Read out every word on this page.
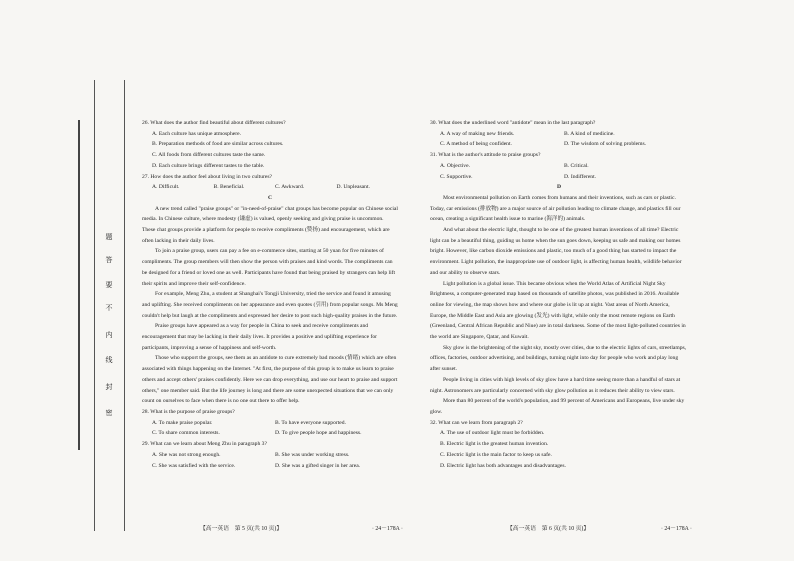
题
答
要
不
内
线
封
密

26. What does the author find beautiful about different cultures?

A. Each culture has unique atmosphere.

B. Preparation methods of food are similar across cultures.

C. All foods from different cultures taste the same.

D. Each culture brings different tastes to the table.

27. How does the author feel about living in two cultures?

A. Difficult.	B. Beneficial.	C. Awkward.	D. Unpleasant.

C

A new trend called "praise groups" or "in-need-of-praise" chat groups has become popular on Chinese social media. In Chinese culture, where modesty (谦虚) is valued, openly seeking and giving praise is uncommon. These chat groups provide a platform for people to receive compliments (赞扬) and encouragement, which are often lacking in their daily lives.

To join a praise group, users can pay a fee on e-commerce sites, starting at 50 yuan for five minutes of compliments. The group members will then show the person with praises and kind words. The compliments can be designed for a friend or loved one as well. Participants have found that being praised by strangers can help lift their spirits and improve their self-confidence.

For example, Meng Zhu, a student at Shanghai's Tongji University, tried the service and found it amusing and uplifting. She received compliments on her appearance and even quotes (引用) from popular songs. Ms Meng couldn't help but laugh at the compliments and expressed her desire to post such high-quality praises in the future.

Praise groups have appeared as a way for people in China to seek and receive compliments and encouragement that may be lacking in their daily lives. It provides a positive and uplifting experience for participants, improving a sense of happiness and self-worth.

Those who support the groups, see them as an antidote to cure extremely bad moods (情绪) which are often associated with things happening on the Internet. "At first, the purpose of this group is to make us learn to praise others and accept others' praises confidently. Here we can drop everything, and use our heart to praise and support others," one member said. But the life journey is long and there are some unexpected situations that we can only count on ourselves to face when there is no one out there to offer help.

28. What is the purpose of praise groups?

A. To make praise popular.	B. To have everyone supported.
C. To share common interests.	D. To give people hope and happiness.

29. What can we learn about Meng Zhu in paragraph 3?

A. She was not strong enough.	B. She was under working stress.
C. She was satisfied with the service.	D. She was a gifted singer in her area.

30. What does the underlined word "antidote" mean in the last paragraph?

A. A way of making new friends.	B. A kind of medicine.
C. A method of being confident.	D. The wisdom of solving problems.

31. What is the author's attitude to praise groups?

A. Objective.	B. Critical.
C. Supportive.	D. Indifferent.

D

Most environmental pollution on Earth comes from humans and their inventions, such as cars or plastic. Today, car emissions (排放物) are a major source of air pollution leading to climate change, and plastics fill our ocean, creating a significant health issue to marine (海洋的) animals.

And what about the electric light, thought to be one of the greatest human inventions of all time? Electric light can be a beautiful thing, guiding us home when the sun goes down, keeping us safe and making our homes bright. However, like carbon dioxide emissions and plastic, too much of a good thing has started to impact the environment. Light pollution, the inappropriate use of outdoor light, is affecting human health, wildlife behavior and our ability to observe stars.

Light pollution is a global issue. This became obvious when the World Atlas of Artificial Night Sky Brightness, a computer-generated map based on thousands of satellite photos, was published in 2016. Available online for viewing, the map shows how and where our globe is lit up at night. Vast areas of North America, Europe, the Middle East and Asia are glowing (发光) with light, while only the most remote regions on Earth (Greenland, Central African Republic and Niue) are in total darkness. Some of the most light-polluted countries in the world are Singapore, Qatar, and Kuwait.

Sky glow is the brightening of the night sky, mostly over cities, due to the electric lights of cars, streetlamps, offices, factories, outdoor advertising, and buildings, turning night into day for people who work and play long after sunset.

People living in cities with high levels of sky glow have a hard time seeing more than a handful of stars at night. Astronomers are particularly concerned with sky glow pollution as it reduces their ability to view stars.

More than 80 percent of the world's population, and 99 percent of Americans and Europeans, live under sky glow.

32. What can we learn from paragraph 2?

A. The use of outdoor light must be forbidden.

B. Electric light is the greatest human invention.

C. Electric light is the main factor to keep us safe.

D. Electric light has both advantages and disadvantages.

【高一英语　第 5 页(共 10 页)】	· 24－178A ·	【高一英语　第 6 页(共 10 页)】	· 24－178A ·
